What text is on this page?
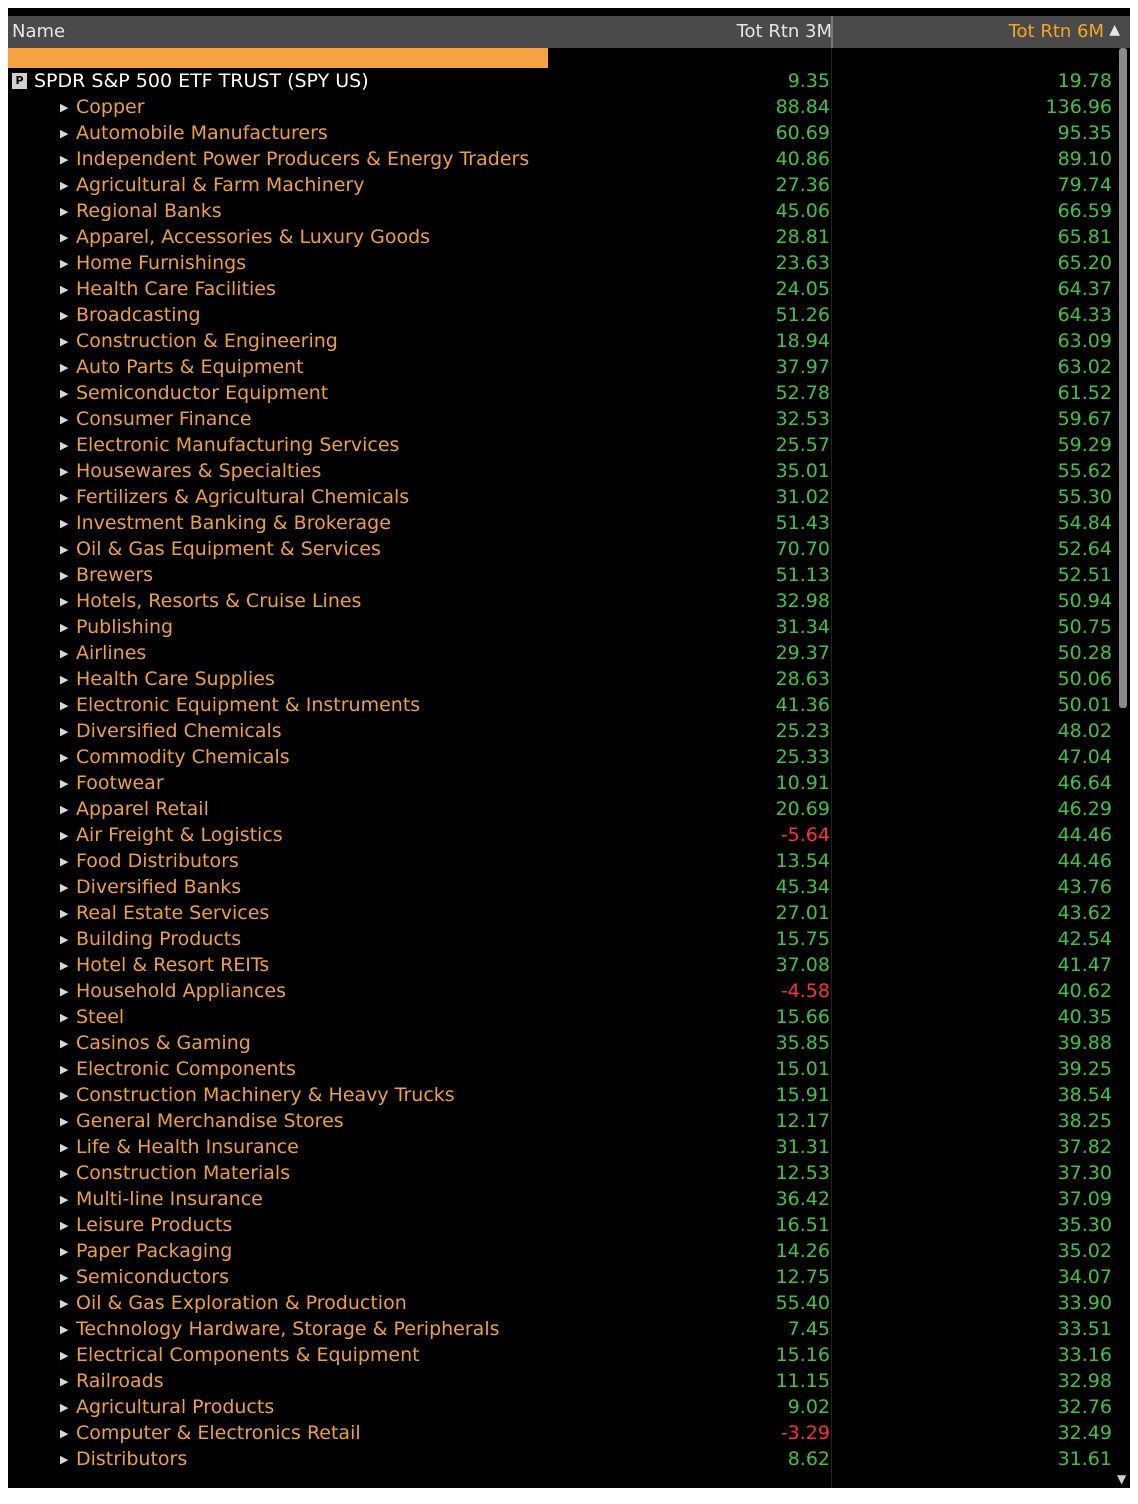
Name	Tot Rtn 3M	Tot Rtn 6M ▲
P SPDR S&P 500 ETF TRUST (SPY US)	9.35	19.78
▶ Copper	88.84	136.96
▶ Automobile Manufacturers	60.69	95.35
▶ Independent Power Producers & Energy Traders	40.86	89.10
▶ Agricultural & Farm Machinery	27.36	79.74
▶ Regional Banks	45.06	66.59
▶ Apparel, Accessories & Luxury Goods	28.81	65.81
▶ Home Furnishings	23.63	65.20
▶ Health Care Facilities	24.05	64.37
▶ Broadcasting	51.26	64.33
▶ Construction & Engineering	18.94	63.09
▶ Auto Parts & Equipment	37.97	63.02
▶ Semiconductor Equipment	52.78	61.52
▶ Consumer Finance	32.53	59.67
▶ Electronic Manufacturing Services	25.57	59.29
▶ Housewares & Specialties	35.01	55.62
▶ Fertilizers & Agricultural Chemicals	31.02	55.30
▶ Investment Banking & Brokerage	51.43	54.84
▶ Oil & Gas Equipment & Services	70.70	52.64
▶ Brewers	51.13	52.51
▶ Hotels, Resorts & Cruise Lines	32.98	50.94
▶ Publishing	31.34	50.75
▶ Airlines	29.37	50.28
▶ Health Care Supplies	28.63	50.06
▶ Electronic Equipment & Instruments	41.36	50.01
▶ Diversified Chemicals	25.23	48.02
▶ Commodity Chemicals	25.33	47.04
▶ Footwear	10.91	46.64
▶ Apparel Retail	20.69	46.29
▶ Air Freight & Logistics	-5.64	44.46
▶ Food Distributors	13.54	44.46
▶ Diversified Banks	45.34	43.76
▶ Real Estate Services	27.01	43.62
▶ Building Products	15.75	42.54
▶ Hotel & Resort REITs	37.08	41.47
▶ Household Appliances	-4.58	40.62
▶ Steel	15.66	40.35
▶ Casinos & Gaming	35.85	39.88
▶ Electronic Components	15.01	39.25
▶ Construction Machinery & Heavy Trucks	15.91	38.54
▶ General Merchandise Stores	12.17	38.25
▶ Life & Health Insurance	31.31	37.82
▶ Construction Materials	12.53	37.30
▶ Multi-line Insurance	36.42	37.09
▶ Leisure Products	16.51	35.30
▶ Paper Packaging	14.26	35.02
▶ Semiconductors	12.75	34.07
▶ Oil & Gas Exploration & Production	55.40	33.90
▶ Technology Hardware, Storage & Peripherals	7.45	33.51
▶ Electrical Components & Equipment	15.16	33.16
▶ Railroads	11.15	32.98
▶ Agricultural Products	9.02	32.76
▶ Computer & Electronics Retail	-3.29	32.49
▶ Distributors	8.62	31.61
▼
